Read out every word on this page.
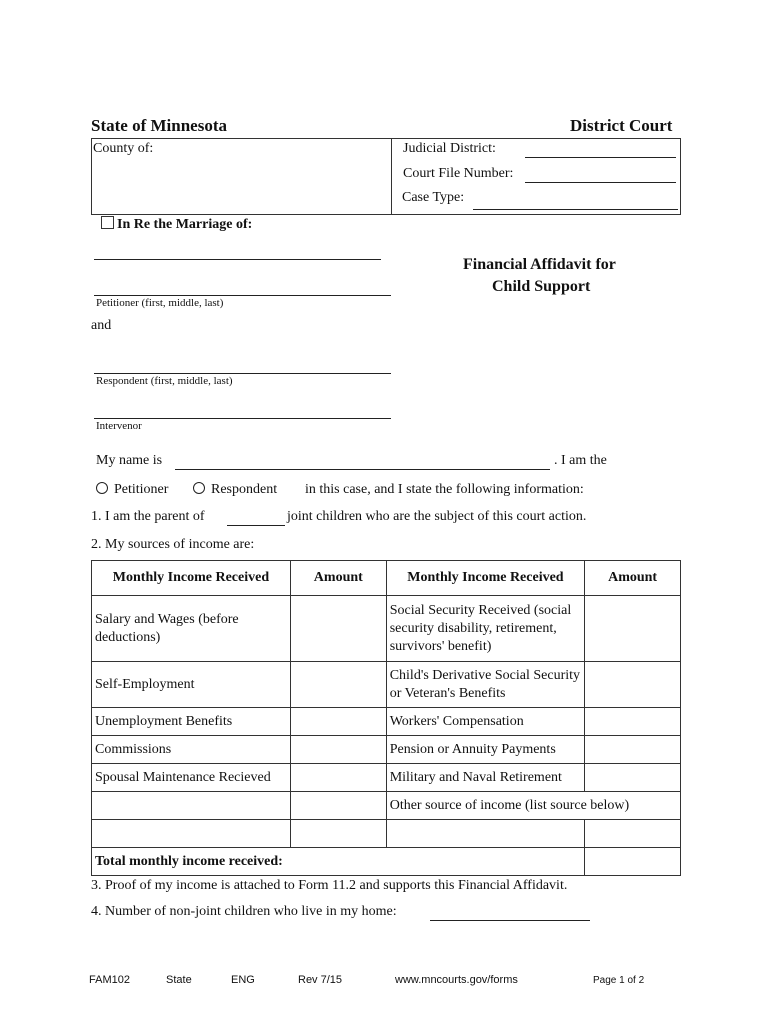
State of Minnesota	District Court
County of:	Judicial District:
Court File Number:
Case Type:
In Re the Marriage of:
Petitioner (first, middle, last)
Financial Affidavit for
Child Support
and
Respondent (first, middle, last)
Intervenor
My name is	. I am the
Petitioner	Respondent in this case, and I state the following information:
1. I am the parent of	joint children who are the subject of this court action.
2. My sources of income are:
Monthly Income Received	Amount	Monthly Income Received	Amount
Salary and Wages (before deductions)		Social Security Received (social security disability, retirement, survivors' benefit)	
Self-Employment		Child's Derivative Social Security or Veteran's Benefits	
Unemployment Benefits		Workers' Compensation	
Commissions		Pension or Annuity Payments	
Spousal Maintenance Recieved		Military and Naval Retirement	
		Other source of income (list source below)	

Total monthly income received:			
3. Proof of my income is attached to Form 11.2 and supports this Financial Affidavit.
4. Number of non-joint children who live in my home:
FAM102	State	ENG	Rev 7/15	www.mncourts.gov/forms	Page 1 of 2
